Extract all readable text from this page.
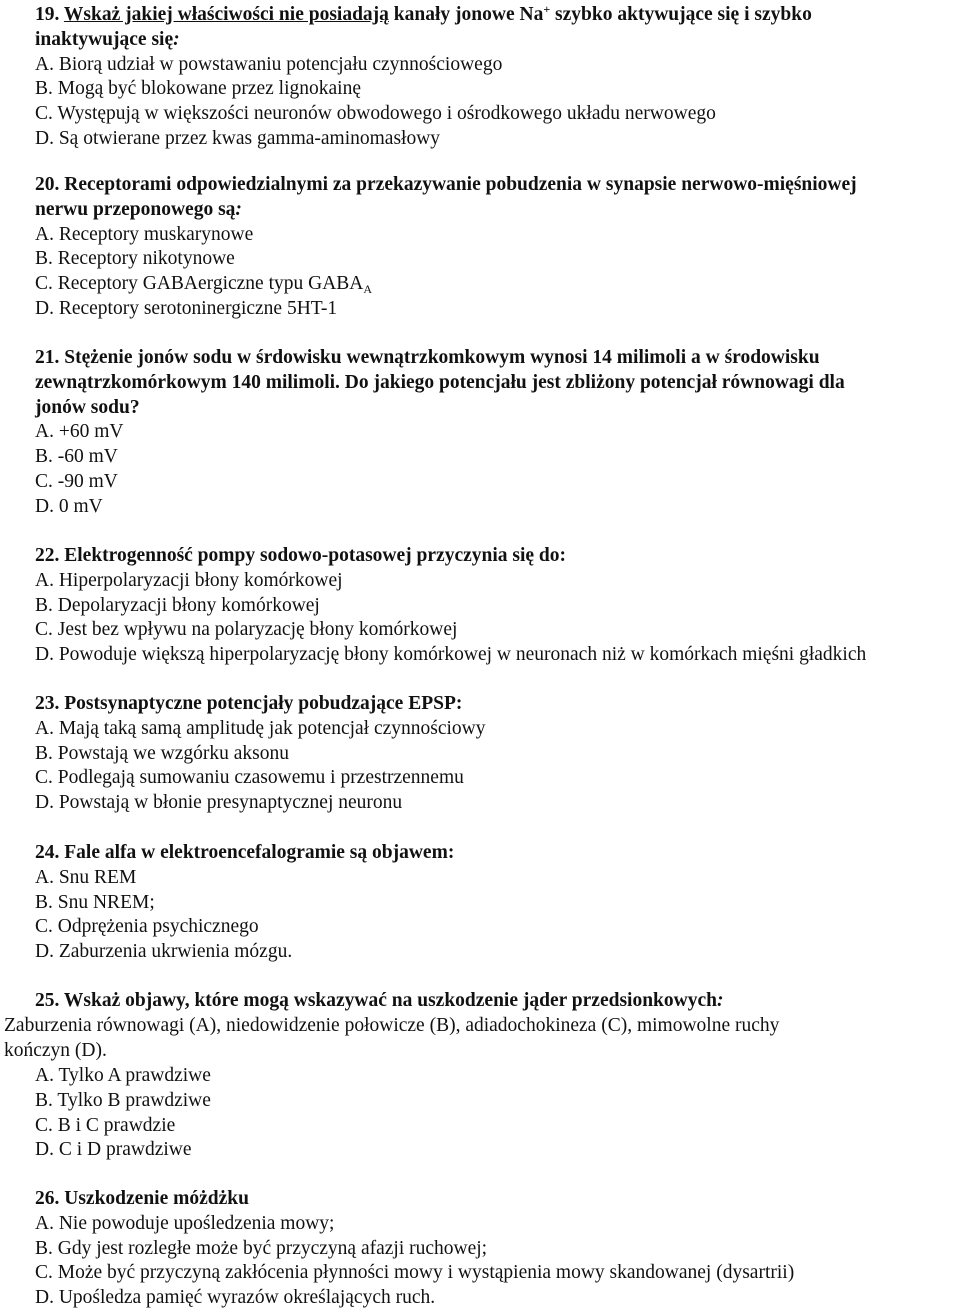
19. Wskaż jakiej właściwości nie posiadają kanały jonowe Na+ szybko aktywujące się i szybko
inaktywujące się:
A. Biorą udział w powstawaniu potencjału czynnościowego
B. Mogą być blokowane przez lignokainę
C. Występują w większości neuronów obwodowego i ośrodkowego układu nerwowego
D. Są otwierane przez kwas gamma-aminomasłowy
20. Receptorami odpowiedzialnymi za przekazywanie pobudzenia w synapsie nerwowo-mięśniowej
nerwu przeponowego są:
A. Receptory muskarynowe
B. Receptory nikotynowe
C. Receptory GABAergiczne typu $GABA_A$
D. Receptory serotoninergiczne 5HT-1
21. Stężenie jonów sodu w śrdowisku wewnątrzkomkowym wynosi 14 milimoli a w środowisku
zewnątrzkomórkowym 140 milimoli. Do jakiego potencjału jest zbliżony potencjał równowagi dla
jonów sodu?
A. +60 mV
B. -60 mV
C. -90 mV
D. 0 mV
22. Elektrogenność pompy sodowo-potasowej przyczynia się do:
A. Hiperpolaryzacji błony komórkowej
B. Depolaryzacji błony komórkowej
C. Jest bez wpływu na polaryzację błony komórkowej
D. Powoduje większą hiperpolaryzację błony komórkowej w neuronach niż w komórkach mięśni gładkich
23. Postsynaptyczne potencjały pobudzające EPSP:
A. Mają taką samą amplitudę jak potencjał czynnościowy
B. Powstają we wzgórku aksonu
C. Podlegają sumowaniu czasowemu i przestrzennemu
D. Powstają w błonie presynaptycznej neuronu
24. Fale alfa w elektroencefalogramie są objawem:
A. Snu REM
B. Snu NREM;
C. Odprężenia psychicznego
D. Zaburzenia ukrwienia mózgu.
25. Wskaż objawy, które mogą wskazywać na uszkodzenie jąder przedsionkowych:
Zaburzenia równowagi (A), niedowidzenie połowicze (B), adiadochokineza (C), mimowolne ruchy
kończyn (D).
A. Tylko A prawdziwe
B. Tylko B prawdziwe
C. B i C prawdzie
D. C i D prawdziwe
26. Uszkodzenie móżdżku
A. Nie powoduje upośledzenia mowy;
B. Gdy jest rozległe może być przyczyną afazji ruchowej;
C. Może być przyczyną zakłócenia płynności mowy i wystąpienia mowy skandowanej (dysartrii)
D. Upośledza pamięć wyrazów określających ruch.
